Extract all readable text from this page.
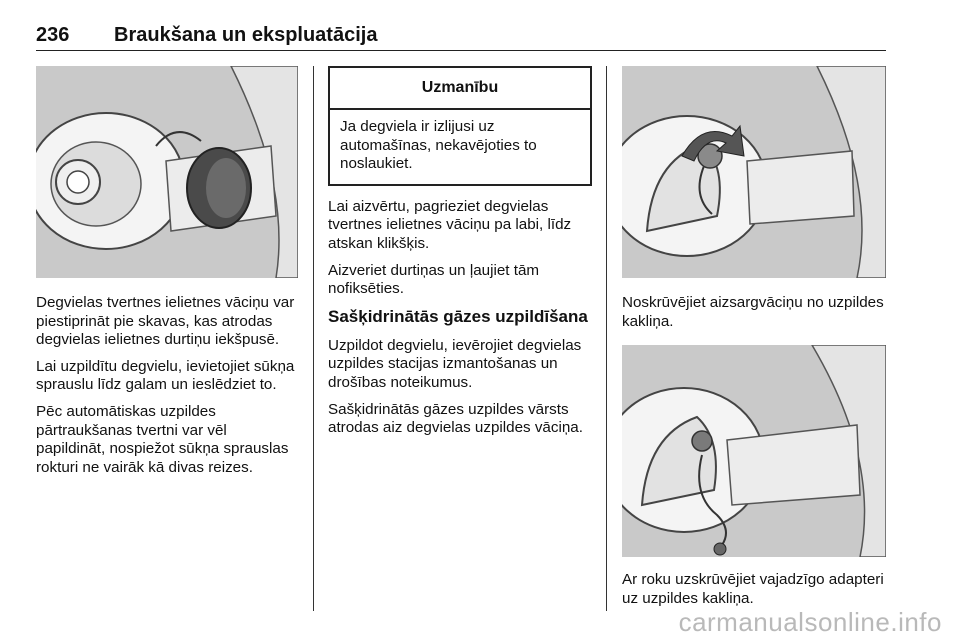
236 Braukšana un ekspluatācija

Degvielas tvertnes ielietnes vāciņu var piestiprināt pie skavas, kas atrodas degvielas ielietnes durtiņu iekšpusē.

Lai uzpildītu degvielu, ievietojiet sūkņa sprauslu līdz galam un ieslēdziet to.

Pēc automātiskas uzpildes pārtraukšanas tvertni var vēl papildināt, nospiežot sūkņa sprauslas rokturi ne vairāk kā divas reizes.

Uzmanību
Ja degviela ir izlijusi uz automašīnas, nekavējoties to noslaukiet.

Lai aizvērtu, pagrieziet degvielas tvertnes ielietnes vāciņu pa labi, līdz atskan klikšķis.

Aizveriet durtiņas un ļaujiet tām nofiksēties.

Sašķidrinātās gāzes uzpildīšana

Uzpildot degvielu, ievērojiet degvielas uzpildes stacijas izmantošanas un drošības noteikumus.

Sašķidrinātās gāzes uzpildes vārsts atrodas aiz degvielas uzpildes vāciņa.

Noskrūvējiet aizsargvāciņu no uzpildes kakliņa.

Ar roku uzskrūvējiet vajadzīgo adapteri uz uzpildes kakliņa.

carmanualsonline.info
